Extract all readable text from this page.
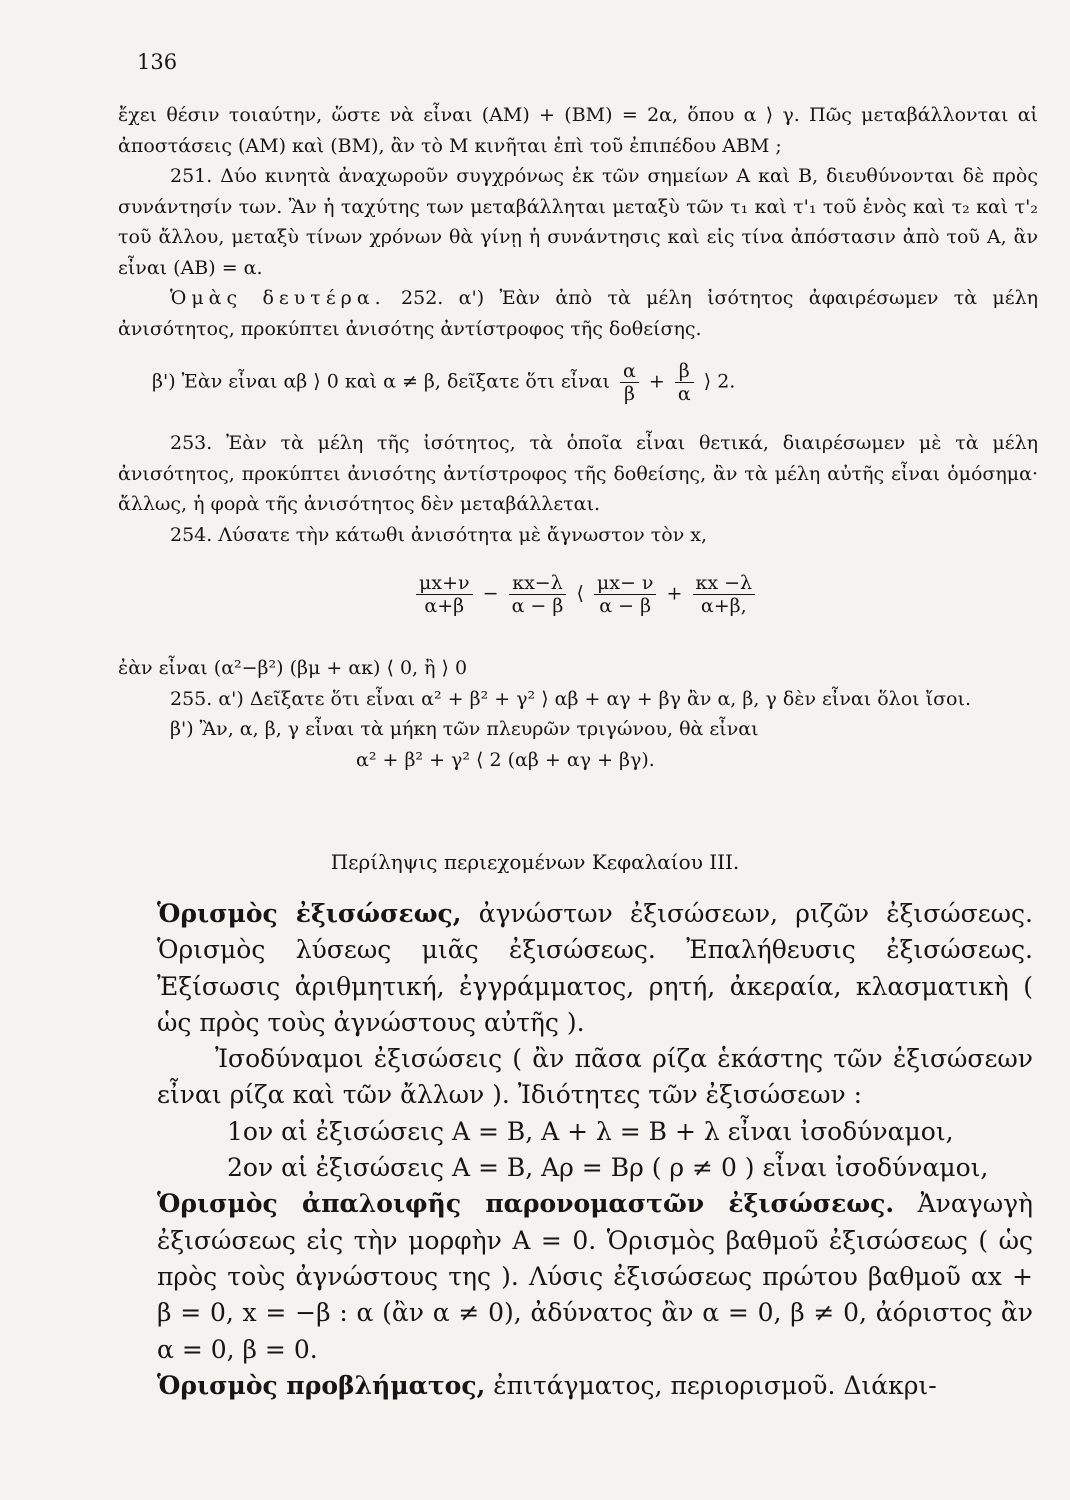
136

ἔχει θέσιν τοιαύτην, ὥστε νὰ εἶναι (AM) + (BM) = 2α, ὅπου α ⟩ γ. Πῶς μεταβάλλονται αἱ ἀποστάσεις (AM) καὶ (BM), ἂν τὸ Μ κινῆται ἐπὶ τοῦ ἐπιπέδου ΑΒΜ ;

251. Δύο κινητὰ ἀναχωροῦν συγχρόνως ἐκ τῶν σημείων Α καὶ Β, διευθύνονται δὲ πρὸς συνάντησίν των. Ἂν ἡ ταχύτης των μεταβάλληται μεταξὺ τῶν τ₁ καὶ τ'₁ τοῦ ἑνὸς καὶ τ₂ καὶ τ'₂ τοῦ ἄλλου, μεταξὺ τίνων χρόνων θὰ γίνῃ ἡ συνάντησις καὶ εἰς τίνα ἀπόστασιν ἀπὸ τοῦ Α, ἂν εἶναι (ΑΒ) = α.

Ὁμὰς δευτέρα. 252. α') Ἐὰν ἀπὸ τὰ μέλη ἰσότητος ἀφαιρέσωμεν τὰ μέλη ἀνισότητος, προκύπτει ἀνισότης ἀντίστροφος τῆς δοθείσης.

β') Ἐὰν εἶναι αβ ⟩ 0 καὶ α ≠ β, δεῖξατε ὅτι εἶναι $\frac{\alpha}{\beta} + \frac{\beta}{\alpha}$ ⟩ 2.

253. Ἐὰν τὰ μέλη τῆς ἰσότητος, τὰ ὁποῖα εἶναι θετικά, διαιρέσωμεν μὲ τὰ μέλη ἀνισότητος, προκύπτει ἀνισότης ἀντίστροφος τῆς δοθείσης, ἂν τὰ μέλη αὐτῆς εἶναι ὁμόσημα· ἄλλως, ἡ φορὰ τῆς ἀνισότητος δὲν μεταβάλλεται.

254. Λύσατε τὴν κάτωθι ἀνισότητα μὲ ἄγνωστον τὸν x,

$\frac{\mu x+\nu}{\alpha+\beta} - \frac{\kappa x-\lambda}{\alpha - \beta}$ ⟨ $\frac{\mu x- \nu}{\alpha - \beta} + \frac{\kappa x -\lambda}{\alpha+\beta,}$

ἐὰν εἶναι (α²−β²) (βμ + ακ) ⟨ 0, ἢ ⟩ 0

255. α') Δεῖξατε ὅτι εἶναι α² + β² + γ² ⟩ αβ + αγ + βγ ἂν α, β, γ δὲν εἶναι ὅλοι ἴσοι.

β') Ἂν, α, β, γ εἶναι τὰ μήκη τῶν πλευρῶν τριγώνου, θὰ εἶναι

α² + β² + γ² ⟨ 2 (αβ + αγ + βγ).

Περίληψις περιεχομένων Κεφαλαίου ΙΙΙ.

Ὁρισμὸς ἐξισώσεως, ἀγνώστων ἐξισώσεων, ριζῶν ἐξισώσεως. Ὁρισμὸς λύσεως μιᾶς ἐξισώσεως. Ἐπαλήθευσις ἐξισώσεως. Ἐξίσωσις ἀριθμητική, ἐγγράμματος, ρητή, ἀκεραία, κλασματικὴ ( ὡς πρὸς τοὺς ἀγνώστους αὐτῆς ).

Ἰσοδύναμοι ἐξισώσεις ( ἂν πᾶσα ρίζα ἑκάστης τῶν ἐξισώσεων εἶναι ρίζα καὶ τῶν ἄλλων ). Ἰδιότητες τῶν ἐξισώσεων :

1ον αἱ ἐξισώσεις Α = Β, Α + λ = Β + λ εἶναι ἰσοδύναμοι,

2ον αἱ ἐξισώσεις Α = Β, Αρ = Βρ ( ρ ≠ 0 ) εἶναι ἰσοδύναμοι,

Ὁρισμὸς ἀπαλοιφῆς παρονομαστῶν ἐξισώσεως. Ἀναγωγὴ ἐξισώσεως εἰς τὴν μορφὴν Α = 0. Ὁρισμὸς βαθμοῦ ἐξισώσεως ( ὡς πρὸς τοὺς ἀγνώστους της ). Λύσις ἐξισώσεως πρώτου βαθμοῦ αx + β = 0, x = −β : α (ἂν α ≠ 0), ἀδύνατος ἂν α = 0, β ≠ 0, ἀόριστος ἂν α = 0, β = 0.

Ὁρισμὸς προβλήματος, ἐπιτάγματος, περιορισμοῦ. Διάκρι-
